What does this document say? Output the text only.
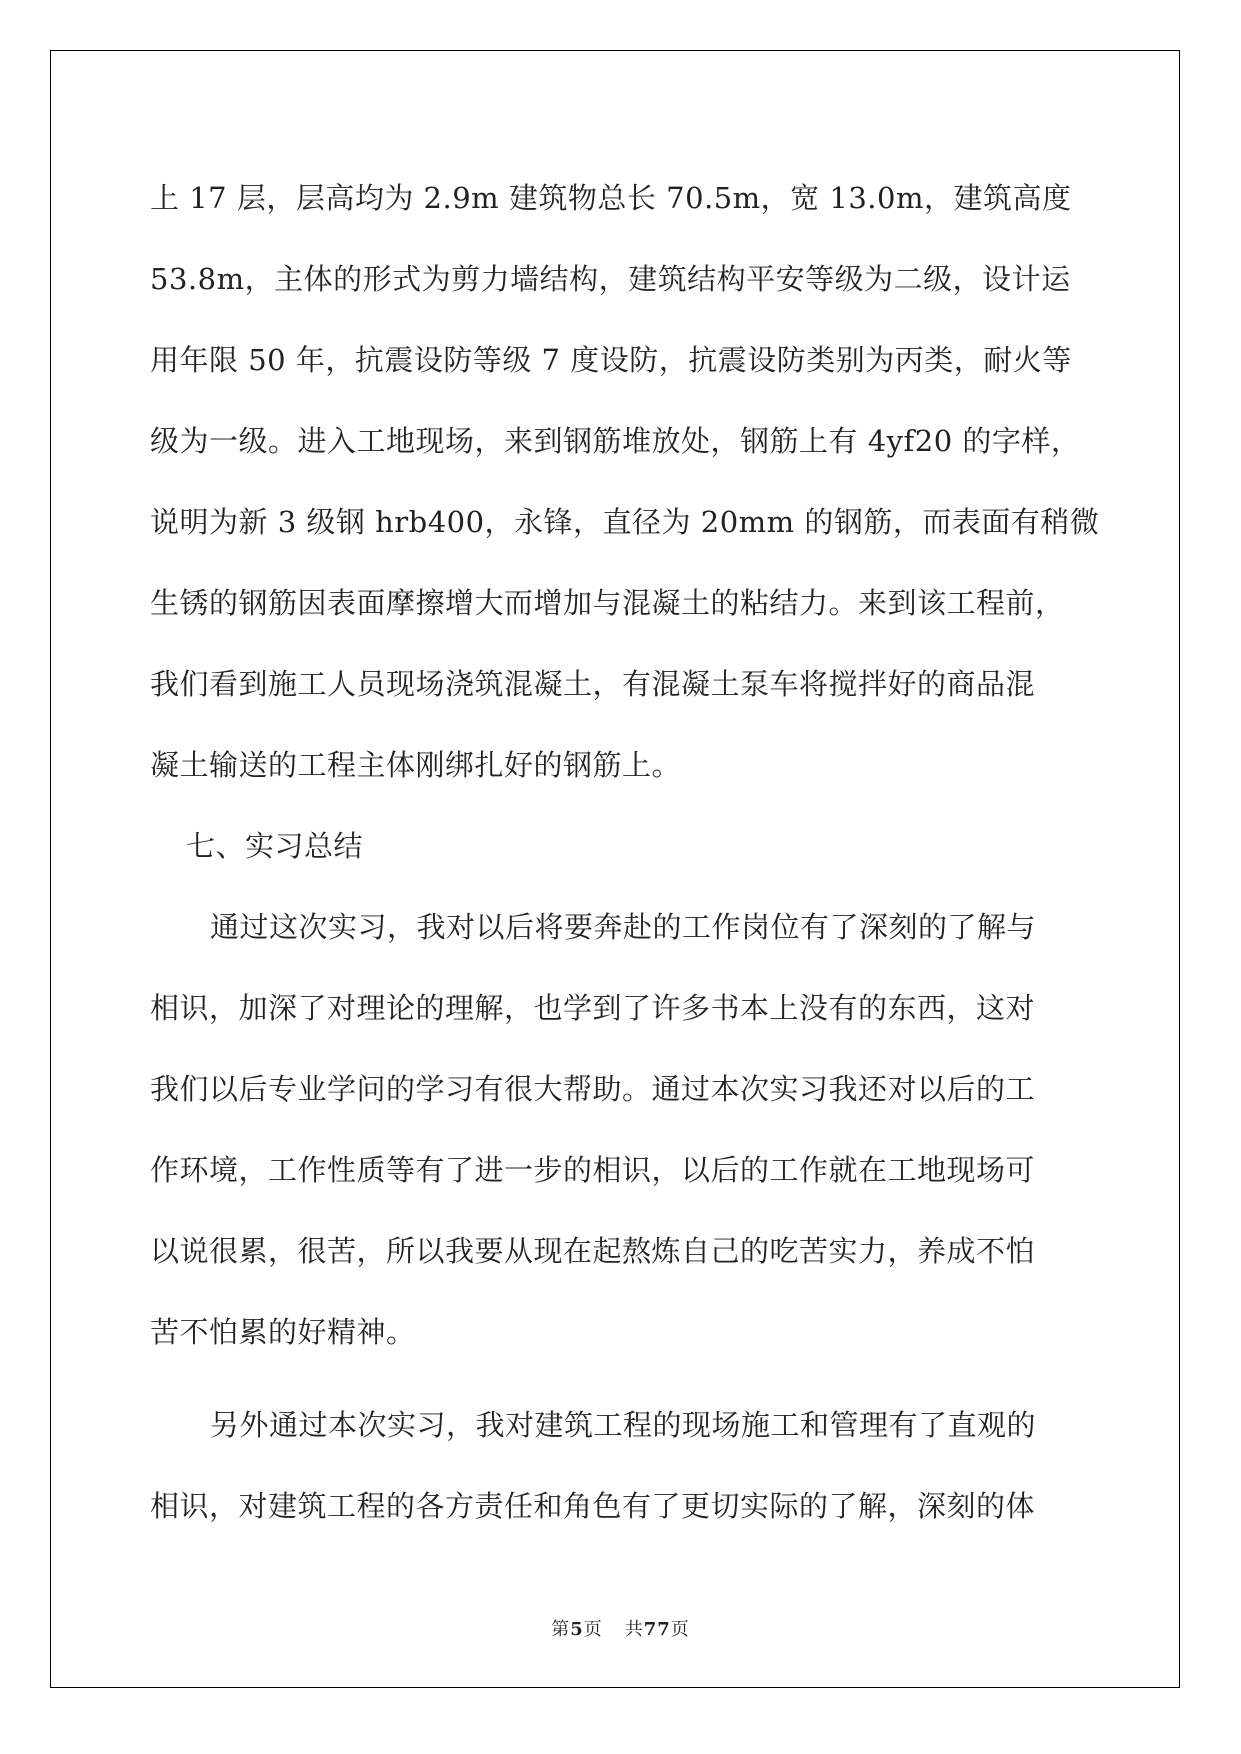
上 17 层，层高均为 2.9m 建筑物总长 70.5m，宽 13.0m，建筑高度

53.8m，主体的形式为剪力墙结构，建筑结构平安等级为二级，设计运

用年限 50 年，抗震设防等级 7 度设防，抗震设防类别为丙类，耐火等

级为一级。进入工地现场，来到钢筋堆放处，钢筋上有 4yf20 的字样，

说明为新 3 级钢 hrb400，永锋，直径为 20mm 的钢筋，而表面有稍微

生锈的钢筋因表面摩擦增大而增加与混凝土的粘结力。来到该工程前，

我们看到施工人员现场浇筑混凝土，有混凝土泵车将搅拌好的商品混

凝土输送的工程主体刚绑扎好的钢筋上。

七、实习总结

通过这次实习，我对以后将要奔赴的工作岗位有了深刻的了解与

相识，加深了对理论的理解，也学到了许多书本上没有的东西，这对

我们以后专业学问的学习有很大帮助。通过本次实习我还对以后的工

作环境，工作性质等有了进一步的相识，以后的工作就在工地现场可

以说很累，很苦，所以我要从现在起熬炼自己的吃苦实力，养成不怕

苦不怕累的好精神。

另外通过本次实习，我对建筑工程的现场施工和管理有了直观的

相识，对建筑工程的各方责任和角色有了更切实际的了解，深刻的体

第5页 共77页
